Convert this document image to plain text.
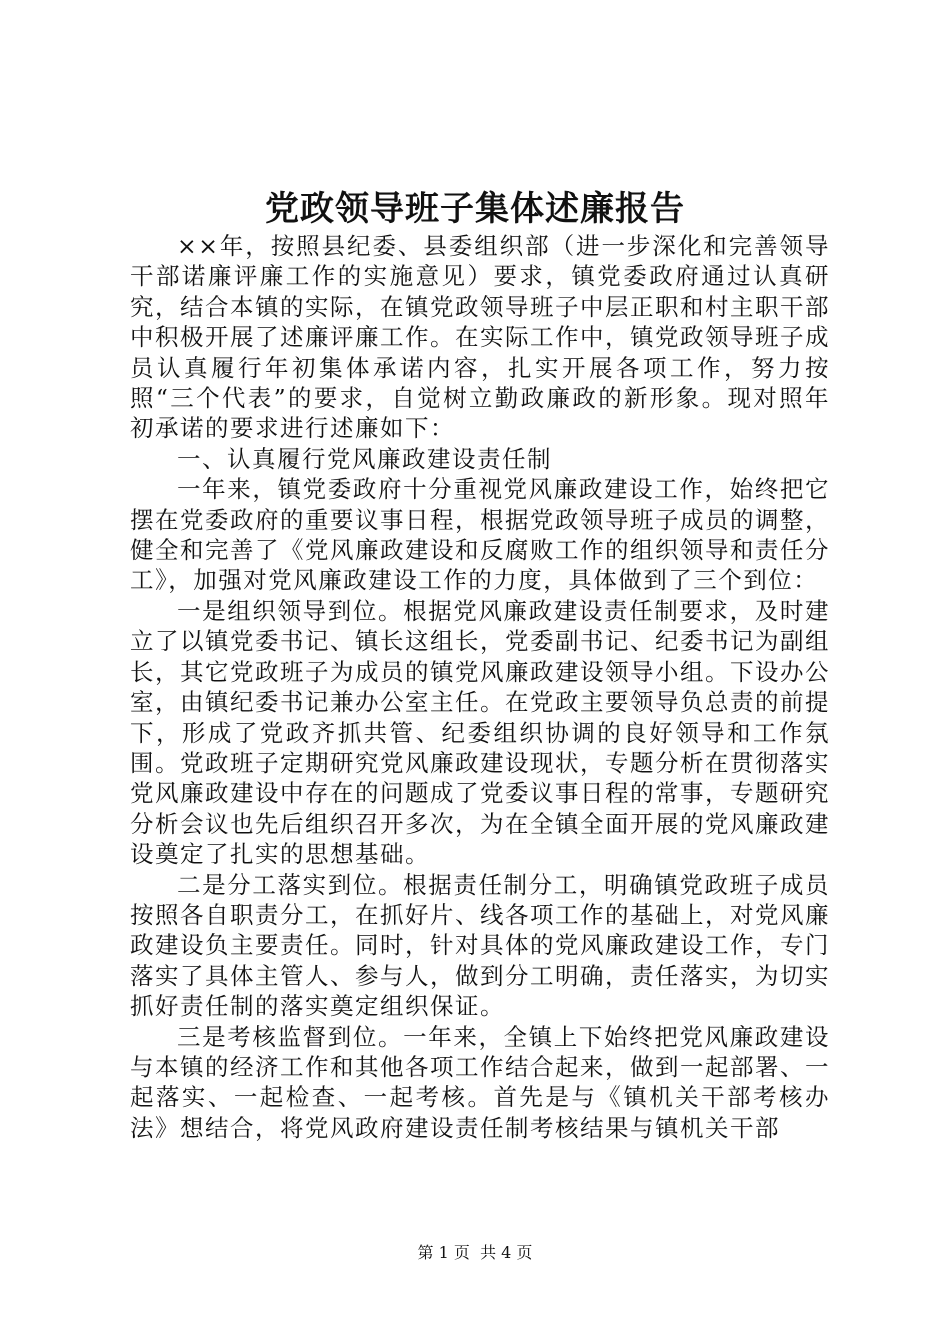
党政领导班子集体述廉报告

××年，按照县纪委、县委组织部（进一步深化和完善领导干部诺廉评廉工作的实施意见）要求，镇党委政府通过认真研究，结合本镇的实际，在镇党政领导班子中层正职和村主职干部中积极开展了述廉评廉工作。在实际工作中，镇党政领导班子成员认真履行年初集体承诺内容，扎实开展各项工作，努力按照“三个代表”的要求，自觉树立勤政廉政的新形象。现对照年初承诺的要求进行述廉如下：

一、认真履行党风廉政建设责任制

一年来，镇党委政府十分重视党风廉政建设工作，始终把它摆在党委政府的重要议事日程，根据党政领导班子成员的调整，健全和完善了《党风廉政建设和反腐败工作的组织领导和责任分工》，加强对党风廉政建设工作的力度，具体做到了三个到位：

一是组织领导到位。根据党风廉政建设责任制要求，及时建立了以镇党委书记、镇长这组长，党委副书记、纪委书记为副组长，其它党政班子为成员的镇党风廉政建设领导小组。下设办公室，由镇纪委书记兼办公室主任。在党政主要领导负总责的前提下，形成了党政齐抓共管、纪委组织协调的良好领导和工作氛围。党政班子定期研究党风廉政建设现状，专题分析在贯彻落实党风廉政建设中存在的问题成了党委议事日程的常事，专题研究分析会议也先后组织召开多次，为在全镇全面开展的党风廉政建设奠定了扎实的思想基础。

二是分工落实到位。根据责任制分工，明确镇党政班子成员按照各自职责分工，在抓好片、线各项工作的基础上，对党风廉政建设负主要责任。同时，针对具体的党风廉政建设工作，专门落实了具体主管人、参与人，做到分工明确，责任落实，为切实抓好责任制的落实奠定组织保证。

三是考核监督到位。一年来，全镇上下始终把党风廉政建设与本镇的经济工作和其他各项工作结合起来，做到一起部署、一起落实、一起检查、一起考核。首先是与《镇机关干部考核办法》想结合，将党风政府建设责任制考核结果与镇机关干部

第 1 页  共 4 页
